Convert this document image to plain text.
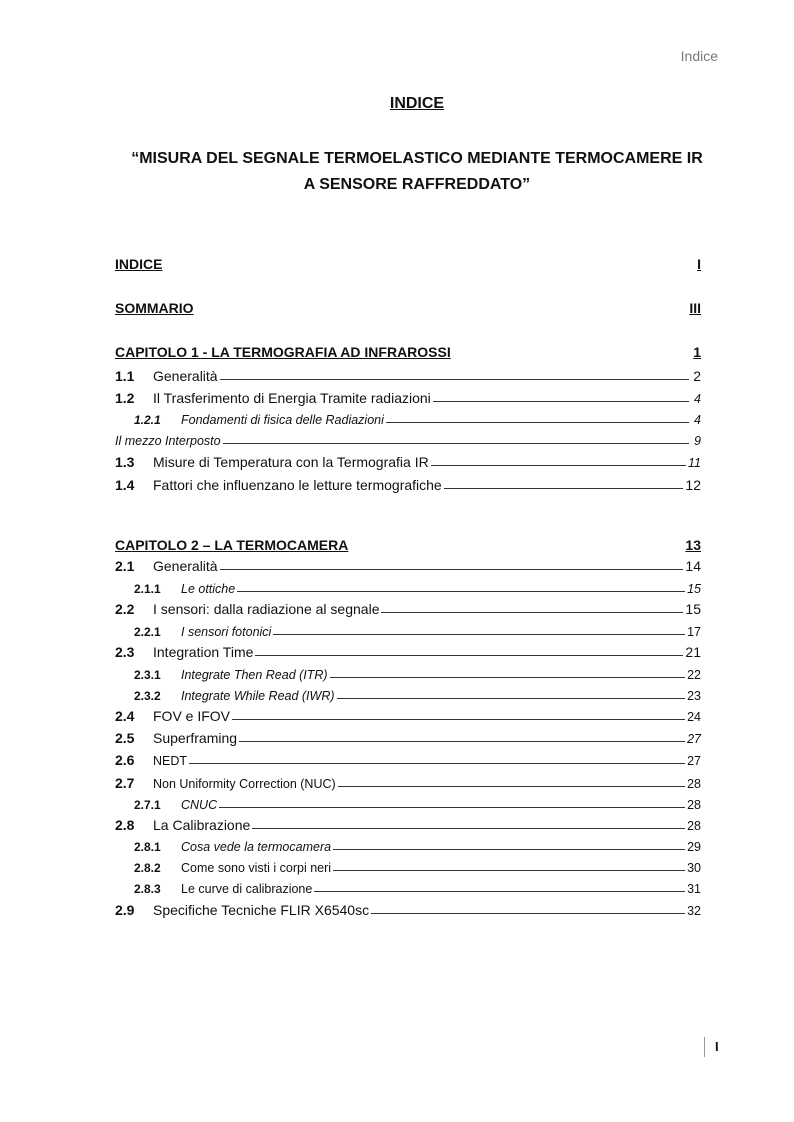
Indice
INDICE
“MISURA DEL SEGNALE TERMOELASTICO MEDIANTE TERMOCAMERE IR A SENSORE RAFFREDDATO”
INDICE	I
SOMMARIO	III
CAPITOLO 1 - LA TERMOGRAFIA AD INFRAROSSI	1
1.1	Generalità	2
1.2	Il Trasferimento di Energia Tramite radiazioni	4
1.2.1	Fondamenti di fisica delle Radiazioni	4
Il mezzo Interposto	9
1.3	Misure di Temperatura con la Termografia IR	11
1.4	Fattori che influenzano le letture termografiche	12
CAPITOLO 2 – LA TERMOCAMERA	13
2.1	Generalità	14
2.1.1	Le ottiche	15
2.2	I sensori: dalla radiazione al segnale	15
2.2.1	I sensori fotonici	17
2.3	Integration Time	21
2.3.1	Integrate Then Read (ITR)	22
2.3.2	Integrate While Read (IWR)	23
2.4	FOV e IFOV	24
2.5	Superframing	27
2.6	NEDT	27
2.7	Non Uniformity Correction (NUC)	28
2.7.1	CNUC	28
2.8	La Calibrazione	28
2.8.1	Cosa vede la termocamera	29
2.8.2	Come sono visti i corpi neri	30
2.8.3	Le curve di calibrazione	31
2.9	Specifiche Tecniche FLIR X6540sc	32
I
